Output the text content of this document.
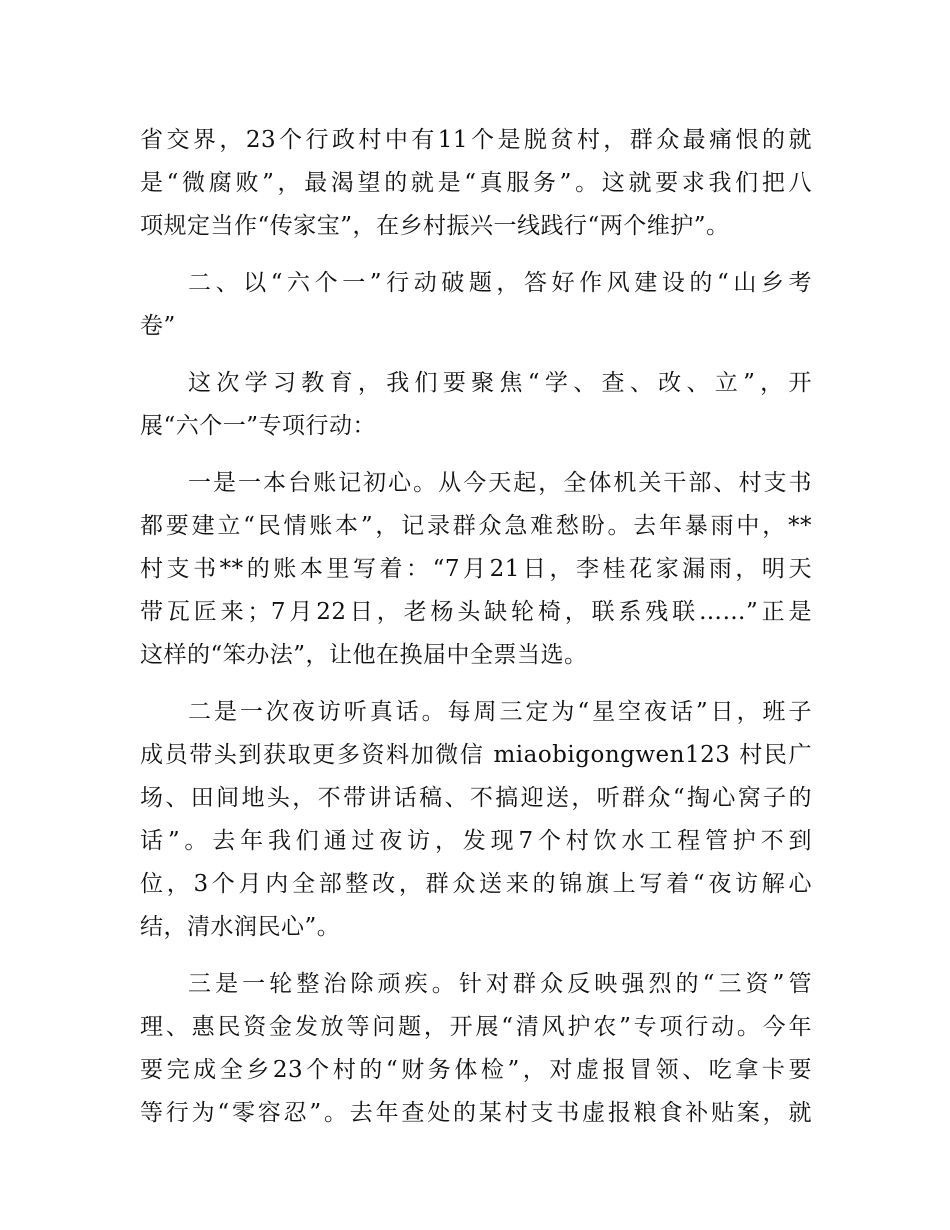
省交界，23个行政村中有11个是脱贫村，群众最痛恨的就
是“微腐败”，最渴望的就是“真服务”。这就要求我们把八
项规定当作“传家宝”，在乡村振兴一线践行“两个维护”。
二、以“六个一”行动破题，答好作风建设的“山乡考
卷”
这次学习教育，我们要聚焦“学、查、改、立”，开
展“六个一”专项行动：
一是一本台账记初心。从今天起，全体机关干部、村支书
都要建立“民情账本”，记录群众急难愁盼。去年暴雨中，**
村支书**的账本里写着：“7月21日，李桂花家漏雨，明天
带瓦匠来；7月22日，老杨头缺轮椅，联系残联……”正是
这样的“笨办法”，让他在换届中全票当选。
二是一次夜访听真话。每周三定为“星空夜话”日，班子
成员带头到获取更多资料加微信 miaobigongwen123 村民广
场、田间地头，不带讲话稿、不搞迎送，听群众“掏心窝子的
话”。去年我们通过夜访，发现7个村饮水工程管护不到
位，3个月内全部整改，群众送来的锦旗上写着“夜访解心
结，清水润民心”。
三是一轮整治除顽疾。针对群众反映强烈的“三资”管
理、惠民资金发放等问题，开展“清风护农”专项行动。今年
要完成全乡23个村的“财务体检”，对虚报冒领、吃拿卡要
等行为“零容忍”。去年查处的某村支书虚报粮食补贴案，就
